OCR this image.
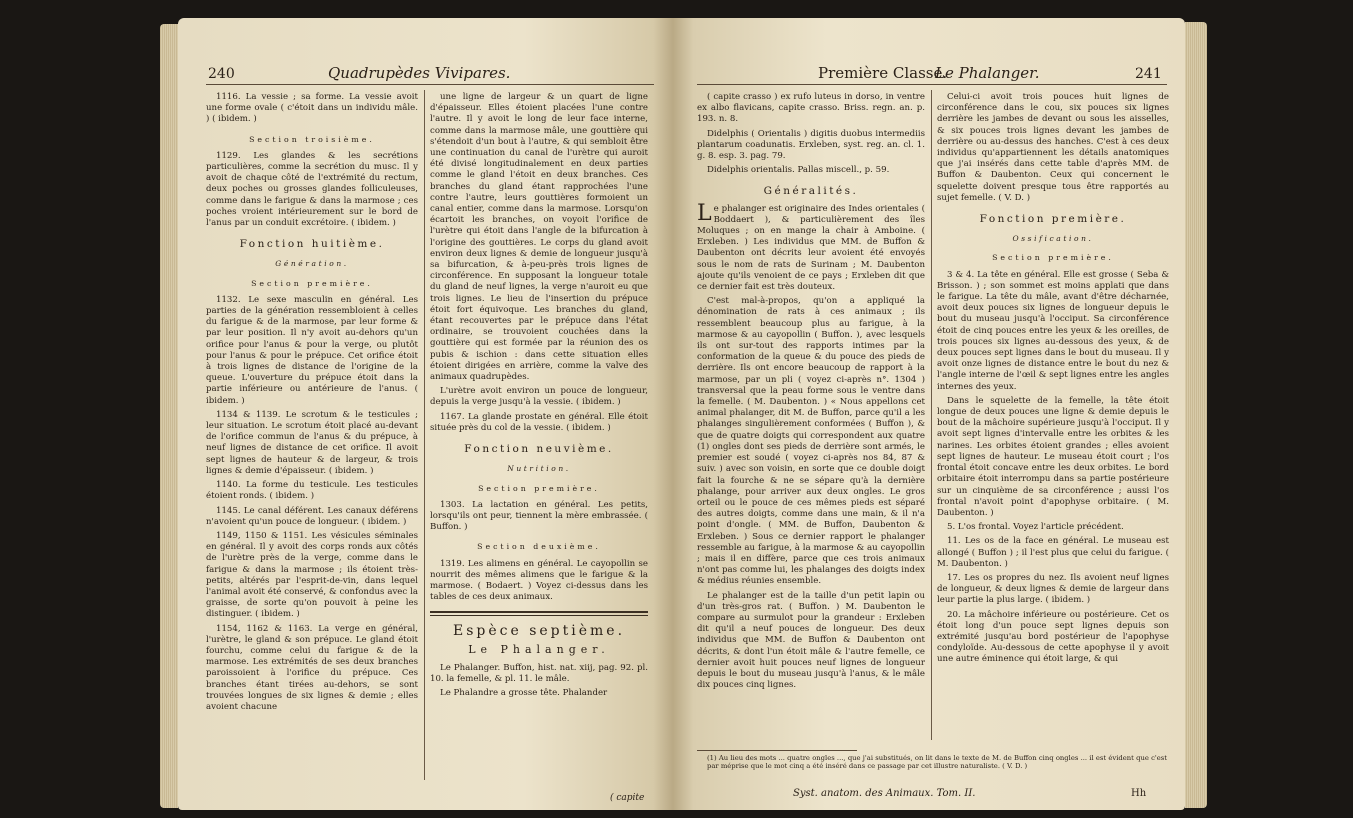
240	Quadrupèdes Vivipares.

1116. La vessie ; sa forme. La vessie avoit une forme ovale ( c'étoit dans un individu mâle. ) ( ibidem. )

Section troisième.

1129. Les glandes & les secrétions particulières, comme la secrétion du musc. Il y avoit de chaque côté de l'extrémité du rectum, deux poches ou grosses glandes folliculeuses, comme dans le farigue & dans la marmose ; ces poches vroient intérieurement sur le bord de l'anus par un conduit excrétoire. ( ibidem. )

Fonction huitième.
Génération.
Section première.

1132. Le sexe masculin en général. Les parties de la génération ressembloient à celles du farigue & de la marmose, par leur forme & par leur position. Il n'y avoit au-dehors qu'un orifice pour l'anus & pour la verge, ou plutôt pour l'anus & pour le prépuce. Cet orifice étoit à trois lignes de distance de l'origine de la queue. L'ouverture du prépuce étoit dans la partie inférieure ou antérieure de l'anus. ( ibidem. )

1134 & 1139. Le scrotum & le testicules ; leur situation. Le scrotum étoit placé au-devant de l'orifice commun de l'anus & du prépuce, à neuf lignes de distance de cet orifice. Il avoit sept lignes de hauteur & de largeur, & trois lignes & demie d'épaisseur. ( ibidem. )

1140. La forme du testicule. Les testicules étoient ronds. ( ibidem. )

1145. Le canal déférent. Les canaux déférens n'avoient qu'un pouce de longueur. ( ibidem. )

1149, 1150 & 1151. Les vésicules séminales en général. Il y avoit des corps ronds aux côtés de l'urètre près de la verge, comme dans le farigue & dans la marmose ; ils étoient très-petits, altérés par l'esprit-de-vin, dans lequel l'animal avoit été conservé, & confondus avec la graisse, de sorte qu'on pouvoit à peine les distinguer. ( ibidem. )

1154, 1162 & 1163. La verge en général, l'urètre, le gland & son prépuce. Le gland étoit fourchu, comme celui du farigue & de la marmose. Les extrémités de ses deux branches paroissoient à l'orifice du prépuce. Ces branches étant tirées au-dehors, se sont trouvées longues de six lignes & demie ; elles avoient chacune

une ligne de largeur & un quart de ligne d'épaisseur. Elles étoient placées l'une contre l'autre. Il y avoit le long de leur face interne, comme dans la marmose mâle, une gouttière qui s'étendoit d'un bout à l'autre, & qui sembloit être une continuation du canal de l'urètre qui auroit été divisé longitudinalement en deux parties comme le gland l'étoit en deux branches. Ces branches du gland étant rapprochées l'une contre l'autre, leurs gouttières formoient un canal entier, comme dans la marmose. Lorsqu'on écartoit les branches, on voyoit l'orifice de l'urètre qui étoit dans l'angle de la bifurcation à l'origine des gouttières. Le corps du gland avoit environ deux lignes & demie de longueur jusqu'à sa bifurcation, & à-peu-près trois lignes de circonférence. En supposant la longueur totale du gland de neuf lignes, la verge n'auroit eu que trois lignes. Le lieu de l'insertion du prépuce étoit fort équivoque. Les branches du gland, étant recouvertes par le prépuce dans l'état ordinaire, se trouvoient couchées dans la gouttière qui est formée par la réunion des os pubis & ischion : dans cette situation elles étoient dirigées en arrière, comme la valve des animaux quadrupèdes.

L'urètre avoit environ un pouce de longueur, depuis la verge jusqu'à la vessie. ( ibidem. )

1167. La glande prostate en général. Elle étoit située près du col de la vessie. ( ibidem. )

Fonction neuvième.
Nutrition.
Section première.

1303. La lactation en général. Les petits, lorsqu'ils ont peur, tiennent la mère embrassée. ( Buffon. )

Section deuxième.

1319. Les alimens en général. Le cayopollin se nourrit des mêmes alimens que le farigue & la marmose. ( Bodaert. ) Voyez ci-dessus dans les tables de ces deux animaux.

Espèce septième.
Le Phalanger.

Le Phalanger. Buffon, hist. nat. xiij, pag. 92. pl. 10. la femelle, & pl. 11. le mâle.

Le Phalandre a grosse tête. Phalander

( capite
Première Classe.
Le Phalanger.	241

( capite crasso ) ex rufo luteus in dorso, in ventre ex albo flavicans, capite crasso. Briss. regn. an. p. 193. n. 8.

Didelphis ( Orientalis ) digitis duobus intermediis plantarum coadunatis. Erxleben, syst. reg. an. cl. 1. g. 8. esp. 3. pag. 79.

Didelphis orientalis. Pallas miscell., p. 59.

Généralités.

Le phalanger est originaire des Indes orientales ( Boddaert ), & particulièrement des îles Moluques ; on en mange la chair à Amboine. ( Erxleben. ) Les individus que MM. de Buffon & Daubenton ont décrits leur avoient été envoyés sous le nom de rats de Surinam ; M. Daubenton ajoute qu'ils venoient de ce pays ; Erxleben dit que ce dernier fait est très douteux.

C'est mal-à-propos, qu'on a appliqué la dénomination de rats à ces animaux ; ils ressemblent beaucoup plus au farigue, à la marmose & au cayopollin ( Buffon. ), avec lesquels ils ont sur-tout des rapports intimes par la conformation de la queue & du pouce des pieds de derrière. Ils ont encore beaucoup de rapport à la marmose, par un pli ( voyez ci-après n°. 1304 ) transversal que la peau forme sous le ventre dans la femelle. ( M. Daubenton. ) « Nous appellons cet animal phalanger, dit M. de Buffon, parce qu'il a les phalanges singulièrement conformées ( Buffon ), & que de quatre doigts qui correspondent aux quatre (1) ongles dont ses pieds de derrière sont armés, le premier est soudé ( voyez ci-après nos 84, 87 & suiv. ) avec son voisin, en sorte que ce double doigt fait la fourche & ne se sépare qu'à la dernière phalange, pour arriver aux deux ongles. Le gros orteil ou le pouce de ces mêmes pieds est séparé des autres doigts, comme dans une main, & il n'a point d'ongle. ( MM. de Buffon, Daubenton & Erxleben. ) Sous ce dernier rapport le phalanger ressemble au farigue, à la marmose & au cayopollin ; mais il en diffère, parce que ces trois animaux n'ont pas comme lui, les phalanges des doigts index & médius réunies ensemble.

Le phalanger est de la taille d'un petit lapin ou d'un très-gros rat. ( Buffon. ) M. Daubenton le compare au surmulot pour la grandeur : Erxleben dit qu'il a neuf pouces de longueur. Des deux individus que MM. de Buffon & Daubenton ont décrits, & dont l'un étoit mâle & l'autre femelle, ce dernier avoit huit pouces neuf lignes de longueur depuis le bout du museau jusqu'à l'anus, & le mâle dix pouces cinq lignes.

Celui-ci avoit trois pouces huit lignes de circonférence dans le cou, six pouces six lignes derrière les jambes de devant ou sous les aisselles, & six pouces trois lignes devant les jambes de derrière ou au-dessus des hanches. C'est à ces deux individus qu'appartiennent les détails anatomiques que j'ai insérés dans cette table d'après MM. de Buffon & Daubenton. Ceux qui concernent le squelette doivent presque tous être rapportés au sujet femelle. ( V. D. )

Fonction première.
Ossification.
Section première.

3 & 4. La tête en général. Elle est grosse ( Seba & Brisson. ) ; son sommet est moins applati que dans le farigue. La tête du mâle, avant d'être décharnée, avoit deux pouces six lignes de longueur depuis le bout du museau jusqu'à l'occiput. Sa circonférence étoit de cinq pouces entre les yeux & les oreilles, de trois pouces six lignes au-dessous des yeux, & de deux pouces sept lignes dans le bout du museau. Il y avoit onze lignes de distance entre le bout du nez & l'angle interne de l'œil & sept lignes entre les angles internes des yeux.

Dans le squelette de la femelle, la tête étoit longue de deux pouces une ligne & demie depuis le bout de la mâchoire supérieure jusqu'à l'occiput. Il y avoit sept lignes d'intervalle entre les orbites & les narines. Les orbites étoient grandes ; elles avoient sept lignes de hauteur. Le museau étoit court ; l'os frontal étoit concave entre les deux orbites. Le bord orbitaire étoit interrompu dans sa partie postérieure sur un cinquième de sa circonférence ; aussi l'os frontal n'avoit point d'apophyse orbitaire. ( M. Daubenton. )

5. L'os frontal. Voyez l'article précédent.

11. Les os de la face en général. Le museau est allongé ( Buffon ) ; il l'est plus que celui du farigue. ( M. Daubenton. )

17. Les os propres du nez. Ils avoient neuf lignes de longueur, & deux lignes & demie de largeur dans leur partie la plus large. ( ibidem. )

20. La mâchoire inférieure ou postérieure. Cet os étoit long d'un pouce sept lignes depuis son extrémité jusqu'au bord postérieur de l'apophyse condyloïde. Au-dessous de cette apophyse il y avoit une autre éminence qui étoit large, & qui

(1) Au lieu des mots ... quatre ongles ..., que j'ai substitués, on lit dans le texte de M. de Buffon cinq ongles ... il est évident que c'est par méprise que le mot cinq a été inséré dans ce passage par cet illustre naturaliste. ( V. D. )
Syst. anatom. des Animaux. Tom. II.	Hh
